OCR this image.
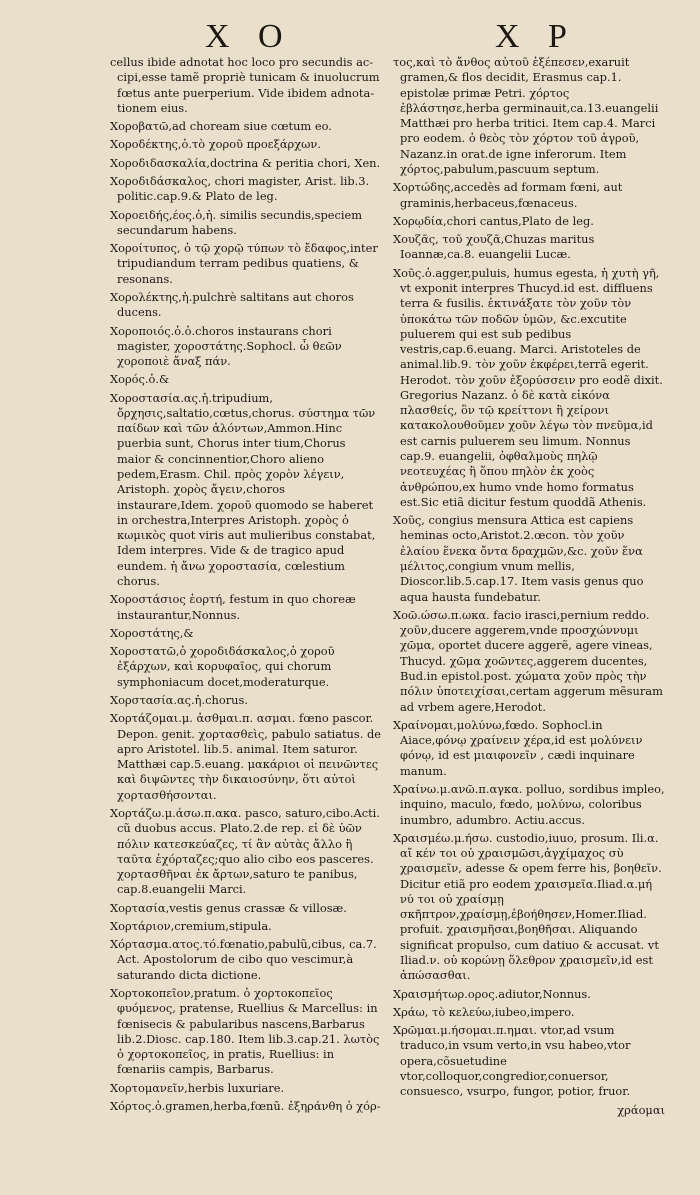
X O	X P

cellus ibide adnotat hoc loco pro secundis ac-cipi,esse tamẽ propriè tunicam & inuolucrum fœtus ante puerperium. Vide ibidem adnota-tionem eius.

Χοροβατῶ,ad choream siue cœtum eo.

Χοροδέκτης,ὁ.τὸ χοροῦ προεξάρχων.

Χοροδιδασκαλία,doctrina & peritia chori, Xen.

Χοροδιδάσκαλος, chori magister, Arist. lib.3. politic.cap.9.& Plato de leg.

Χοροειδής,έος.ὁ,ἡ. similis secundis,speciem secundarum habens.

Χοροίτυπος, ὁ τῷ χορῷ τύπων τὸ ἔδαφος,inter tripudiandum terram pedibus quatiens, & resonans.

Χορολέκτης,ἡ.pulchrè saltitans aut choros ducens.

Χοροποιός.ὁ.ὁ.choros instaurans chori magister, χοροστάτης.Sophocl. ὦ θεῶν χοροποιὲ ἄναξ πάν.

Χορός.ὁ.&

Χοροστασία.ας.ἡ.tripudium, ὄρχησις,saltatio,cœtus,chorus. σύστημα τῶν παίδων καὶ τῶν ἀλόντων,Ammon.Hinc puerbia sunt, Chorus inter tium,Chorus maior & concinnentior,Choro alieno pedem,Erasm. Chil. πρὸς χορὸν λέγειν, Aristoph. χορὸς ἄγειν,choros instaurare,Idem. χοροῦ quomodo se haberet in orchestra,Interpres Aristoph. χορὸς ὁ κωμικὸς quot viris aut mulieribus constabat, Idem interpres. Vide & de tragico apud eundem. ἡ ἄνω χοροστασία, cœlestium chorus.

Χοροστάσιος ἑορτή, festum in quo choreæ instaurantur,Nonnus.

Χοροστάτης,&

Χοροστατῶ,ὁ χοροδιδάσκαλος,ὁ χοροῦ ἐξάρχων, καὶ κορυφαῖος, qui chorum symphoniacum docet,moderaturque.

Χορστασία.ας.ἡ.chorus.

Χορτάζομαι.μ. ἀσθμαι.π. ασμαι. fœno pascor. Depon. genit. χορτασθεὶς, pabulo satiatus. de apro Aristotel. lib.5. animal. Item saturor. Matthæi cap.5.euang. μακάριοι οἱ πεινῶντες καὶ διψῶντες τὴν δικαιοσύνην, ὅτι αὐτοὶ χορτασθήσονται.

Χορτάζω.μ.άσω.π.ακα. pasco, saturo,cibo.Acti. cũ duobus accus. Plato.2.de rep. εἰ δὲ ὑῶν πόλιν κατεσκεύαζες, τί ἂν αὐτὰς ἄλλο ἢ ταῦτα ἐχόρταζες;quo alio cibo eos pasceres. χορτασθῆναι ἐκ ἄρτων,saturo te panibus, cap.8.euangelii Marci.

Χορτασία,vestis genus crassæ & villosæ.

Χορτάριον,cremium,stipula.

Χόρτασμα.ατος.τό.fœnatio,pabulũ,cibus, ca.7. Act. Apostolorum de cibo quo vescimur,à saturando dicta dictione.

Χορτοκοπεῖον,pratum. ὁ χορτοκοπεῖος φυόμενος, pratense, Ruellius & Marcellus: in fœnisecis & pabularibus nascens,Barbarus lib.2.Diosc. cap.180. Item lib.3.cap.21. λωτὸς ὁ χορτοκοπεῖος, in pratis, Ruellius: in fœnariis campis, Barbarus.

Χορτομανεῖν,herbis luxuriare.

Χόρτος.ὁ.gramen,herba,fœnũ. ἐξηράνθη ὁ χόρ-

τος,καὶ τὸ ἄνθος αὐτοῦ ἐξέπεσεν,exaruit gramen,& flos decidit, Erasmus cap.1. epistolæ primæ Petri. χόρτος ἐβλάστησε,herba germinauit,ca.13.euangelii Matthæi pro herba tritici. Item cap.4. Marci pro eodem. ὁ θεὸς τὸν χόρτον τοῦ ἀγροῦ, Nazanz.in orat.de igne inferorum. Item χόρτος,pabulum,pascuum septum.

Χορτώδης,accedès ad formam fœni, aut graminis,herbaceus,fœnaceus.

Χορῳδία,chori cantus,Plato de leg.

Χουζᾶς, τοῦ χουζᾶ,Chuzas maritus Ioannæ,ca.8. euangelii Lucæ.

Χοῦς.ὁ.agger,puluis, humus egesta, ἡ χυτὴ γῆ, vt exponit interpres Thucyd.id est. diffluens terra & fusilis. ἐκτινάξατε τὸν χοῦν τὸν ὑποκάτω τῶν ποδῶν ὑμῶν, &c.excutite puluerem qui est sub pedibus vestris,cap.6.euang. Marci. Aristoteles de animal.lib.9. τὸν χοῦν ἐκφέρει,terrã egerit. Herodot. τὸν χοῦν ἐξορύσσειν pro eodẽ dixit. Gregorius Nazanz. ὁ δὲ κατὰ εἰκόνα πλασθείς, ὃν τῷ κρείττονι ἢ χείρονι κατακολουθοῦμεν χοῦν λέγω τὸν πνεῦμα,id est carnis puluerem seu limum. Nonnus cap.9. euangelii, ὀφθαλμοὺς πηλῷ νεοτευχέας ἢ ὅπου πηλὸν ἐκ χοὸς ἀνθρώπου,ex humo vnde homo formatus est.Sic etiã dicitur festum quoddã Athenis.

Χοῦς, congius mensura Attica est capiens heminas octo,Aristot.2.œcon. τὸν χοῦν ἐλαίου ἕνεκα ὄντα δραχμῶν,&c. χοῦν ἕνα μέλιτος,congium vnum mellis, Dioscor.lib.5.cap.17. Item vasis genus quo aqua hausta fundebatur.

Χοῶ.ώσω.π.ωκα. facio irasci,pernium reddo. χοῦν,ducere aggerem,vnde προσχώννυμι χῶμα, oportet ducere aggerẽ, agere vineas, Thucyd. χῶμα χοῶντες,aggerem ducentes, Bud.in epistol.post. χώματα χοῦν πρὸς τὴν πόλιν ὑποτειχίσαι,certam aggerum mẽsuram ad vrbem agere,Herodot.

Χραίνομαι,μολύνω,fœdo. Sophocl.in Aiace,φόνῳ χραίνειν χέρα,id est μολύνειν φόνῳ, id est μιαιφονεῖν , cædi inquinare manum.

Χραίνω.μ.ανῶ.π.αγκα. polluo, sordibus impleo, inquino, maculo, fœdo, μολύνω, coloribus inumbro, adumbro. Actiu.accus.

Χραισμέω.μ.ήσω. custodio,iuuo, prosum. Ili.α. αἴ κέν τοι οὐ χραισμῶσι,ἀγχίμαχος σὺ χραισμεῖν, adesse & opem ferre his, βοηθεῖν. Dicitur etiã pro eodem χραισμεῖα.Iliad.α.μή νύ τοι οὐ χραίσμῃ σκῆπτρον,χραίσμῃ,ἐβοήθησεν,Homer.Iliad. profuit. χραισμῆσαι,βοηθῆσαι. Aliquando significat propulso, cum datiuo & accusat. vt Iliad.ν. οὐ κορώνῃ ὅλεθρον χραισμεῖν,id est ἀπώσασθαι.

Χραισμήτωρ.ορος.adiutor,Nonnus.

Χράω, τὸ κελεύω,iubeo,impero.

Χρῶμαι.μ.ήσομαι.π.ημαι. vtor,ad vsum traduco,in vsum verto,in vsu habeo,vtor opera,cõsuetudine vtor,colloquor,congredior,conuersor, consuesco, vsurpo, fungor, potior, fruor.

χράομαι
